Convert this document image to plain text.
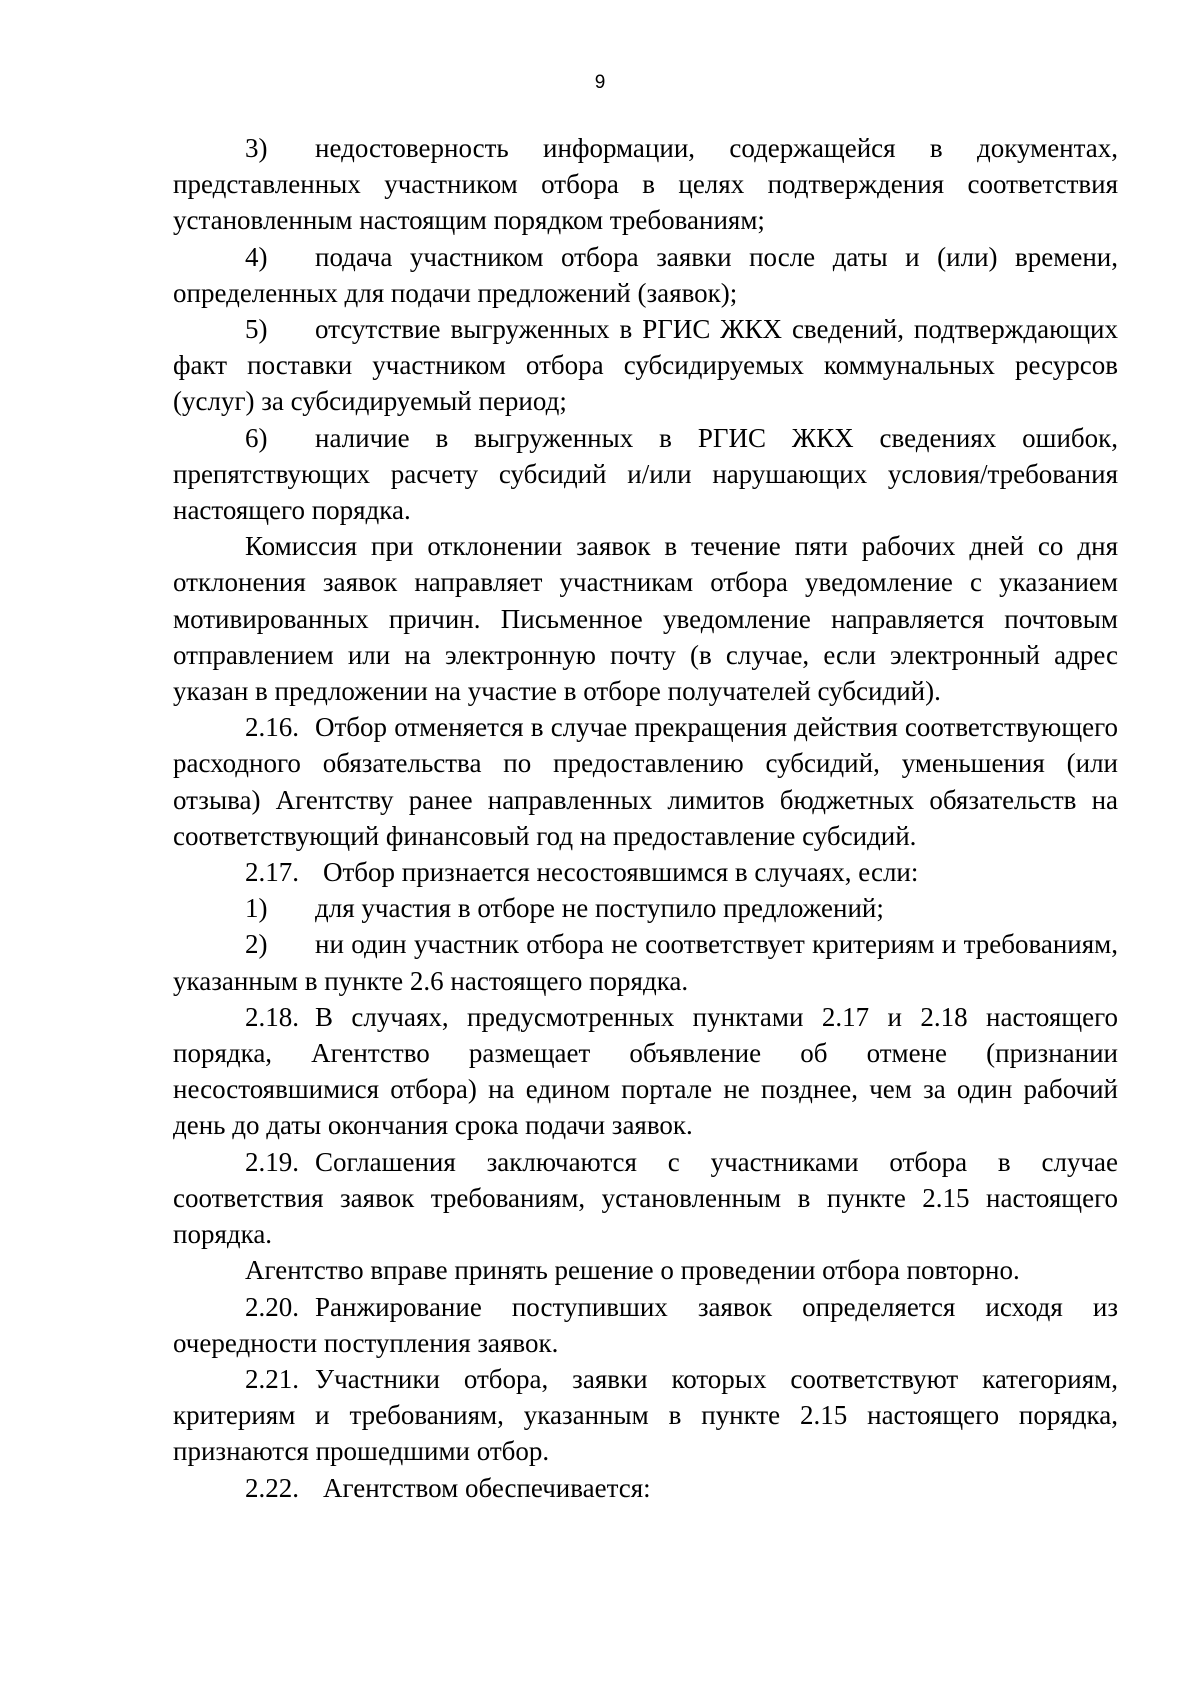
9

3) недостоверность информации, содержащейся в документах, представленных участником отбора в целях подтверждения соответствия установленным настоящим порядком требованиям;

4) подача участником отбора заявки после даты и (или) времени, определенных для подачи предложений (заявок);

5) отсутствие выгруженных в РГИС ЖКХ сведений, подтверждающих факт поставки участником отбора субсидируемых коммунальных ресурсов (услуг) за субсидируемый период;

6) наличие в выгруженных в РГИС ЖКХ сведениях ошибок, препятствующих расчету субсидий и/или нарушающих условия/требования настоящего порядка.

Комиссия при отклонении заявок в течение пяти рабочих дней со дня отклонения заявок направляет участникам отбора уведомление с указанием мотивированных причин. Письменное уведомление направляется почтовым отправлением или на электронную почту (в случае, если электронный адрес указан в предложении на участие в отборе получателей субсидий).

2.16. Отбор отменяется в случае прекращения действия соответствующего расходного обязательства по предоставлению субсидий, уменьшения (или отзыва) Агентству ранее направленных лимитов бюджетных обязательств на соответствующий финансовый год на предоставление субсидий.

2.17. Отбор признается несостоявшимся в случаях, если:

1) для участия в отборе не поступило предложений;

2) ни один участник отбора не соответствует критериям и требованиям, указанным в пункте 2.6 настоящего порядка.

2.18. В случаях, предусмотренных пунктами 2.17 и 2.18 настоящего порядка, Агентство размещает объявление об отмене (признании несостоявшимися отбора) на едином портале не позднее, чем за один рабочий день до даты окончания срока подачи заявок.

2.19. Соглашения заключаются с участниками отбора в случае соответствия заявок требованиям, установленным в пункте 2.15 настоящего порядка.

Агентство вправе принять решение о проведении отбора повторно.

2.20. Ранжирование поступивших заявок определяется исходя из очередности поступления заявок.

2.21. Участники отбора, заявки которых соответствуют категориям, критериям и требованиям, указанным в пункте 2.15 настоящего порядка, признаются прошедшими отбор.

2.22. Агентством обеспечивается:
